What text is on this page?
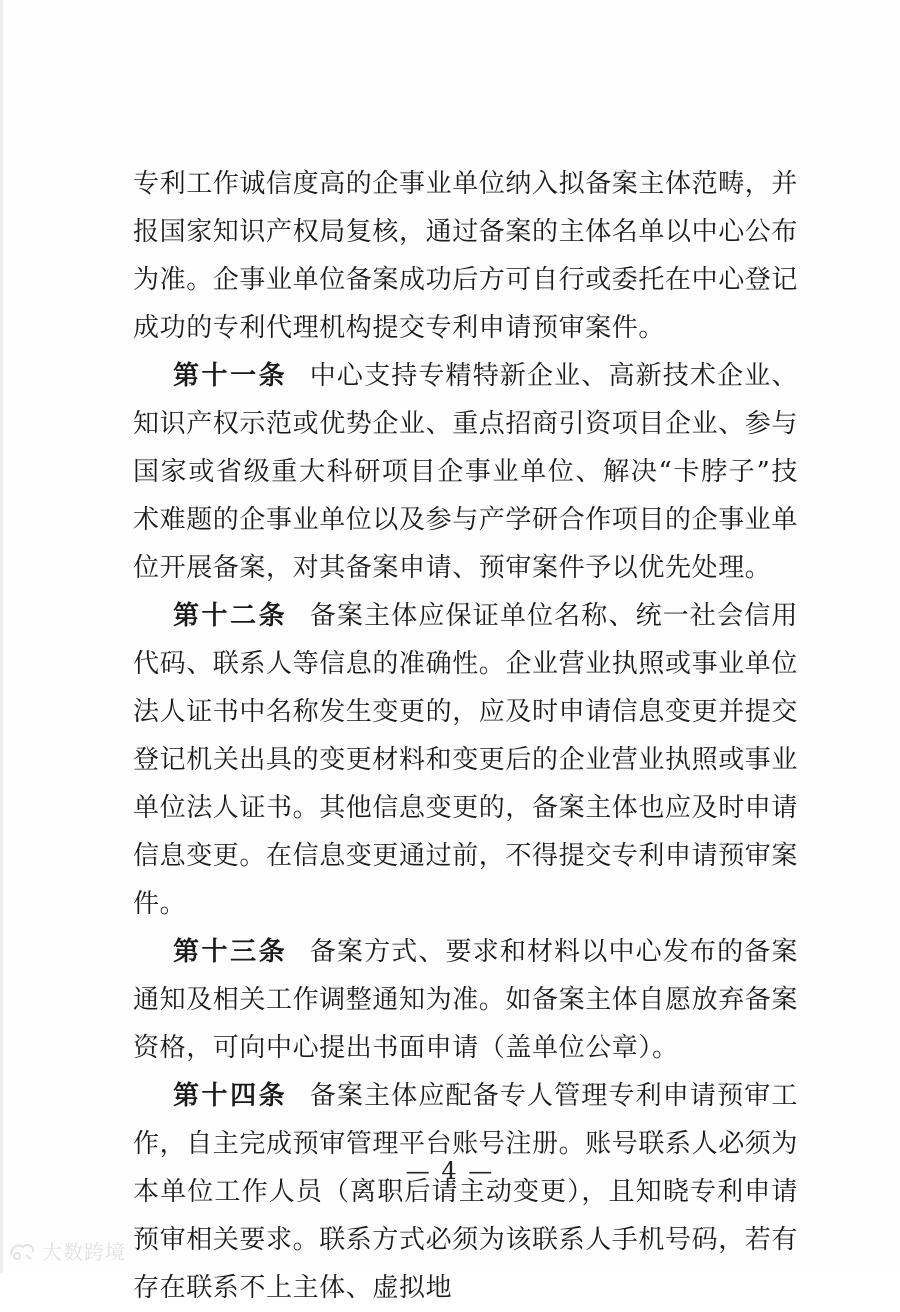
专利工作诚信度高的企事业单位纳入拟备案主体范畴，并报国家知识产权局复核，通过备案的主体名单以中心公布为准。企事业单位备案成功后方可自行或委托在中心登记成功的专利代理机构提交专利申请预审案件。

第十一条 中心支持专精特新企业、高新技术企业、知识产权示范或优势企业、重点招商引资项目企业、参与国家或省级重大科研项目企事业单位、解决“卡脖子”技术难题的企事业单位以及参与产学研合作项目的企事业单位开展备案，对其备案申请、预审案件予以优先处理。

第十二条 备案主体应保证单位名称、统一社会信用代码、联系人等信息的准确性。企业营业执照或事业单位法人证书中名称发生变更的，应及时申请信息变更并提交登记机关出具的变更材料和变更后的企业营业执照或事业单位法人证书。其他信息变更的，备案主体也应及时申请信息变更。在信息变更通过前，不得提交专利申请预审案件。

第十三条 备案方式、要求和材料以中心发布的备案通知及相关工作调整通知为准。如备案主体自愿放弃备案资格，可向中心提出书面申请（盖单位公章）。

第十四条 备案主体应配备专人管理专利申请预审工作，自主完成预审管理平台账号注册。账号联系人必须为本单位工作人员（离职后请主动变更），且知晓专利申请预审相关要求。联系方式必须为该联系人手机号码，若有存在联系不上主体、虚拟地

— 4 —
大数跨境
